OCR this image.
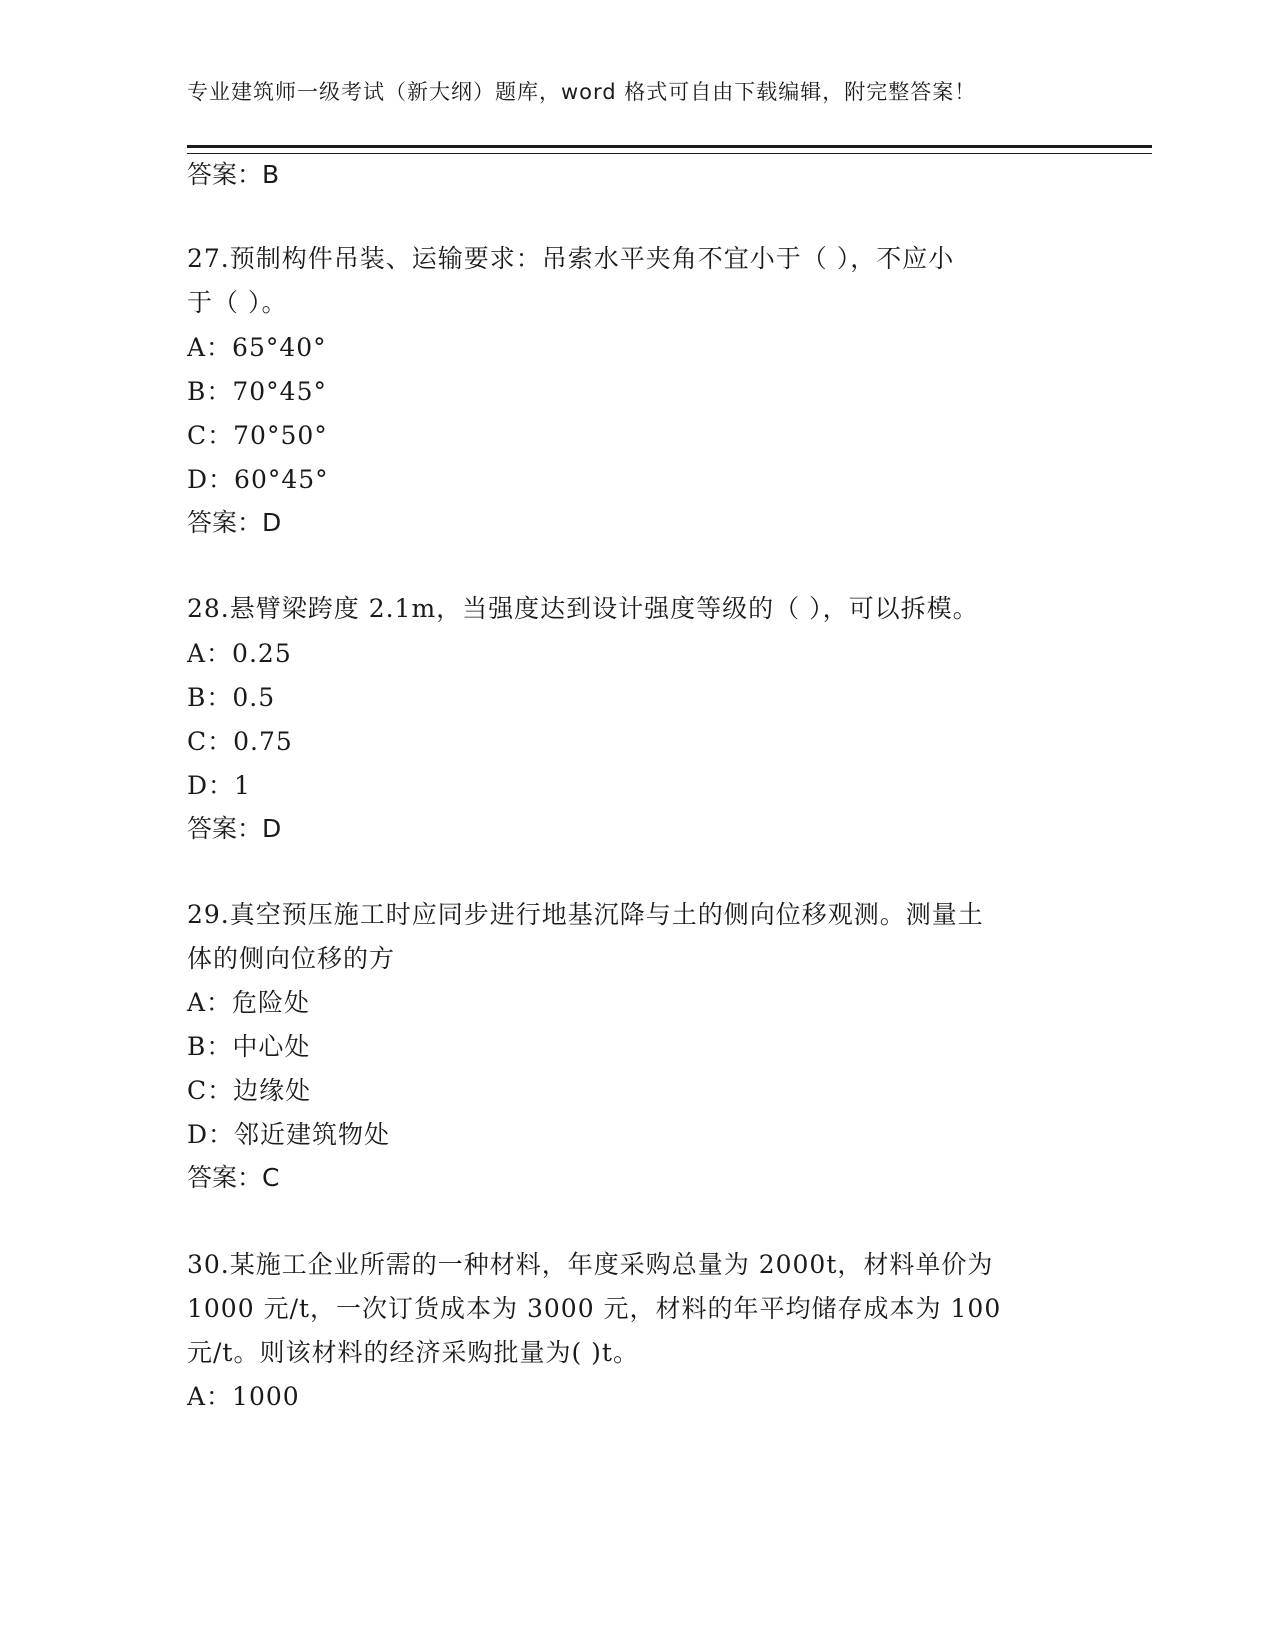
专业建筑师一级考试（新大纲）题库，word 格式可自由下载编辑，附完整答案！
答案：B
27.预制构件吊装、运输要求：吊索水平夹角不宜小于（ ），不应小
于（ ）。
A：65°40°
B：70°45°
C：70°50°
D：60°45°
答案：D
28.悬臂梁跨度 2.1m，当强度达到设计强度等级的（ ），可以拆模。
A：0.25
B：0.5
C：0.75
D：1
答案：D
29.真空预压施工时应同步进行地基沉降与土的侧向位移观测。测量土
体的侧向位移的方
A：危险处
B：中心处
C：边缘处
D：邻近建筑物处
答案：C
30.某施工企业所需的一种材料，年度采购总量为 2000t，材料单价为
1000 元/t，一次订货成本为 3000 元，材料的年平均储存成本为 100
元/t。则该材料的经济采购批量为( )t。
A：1000
